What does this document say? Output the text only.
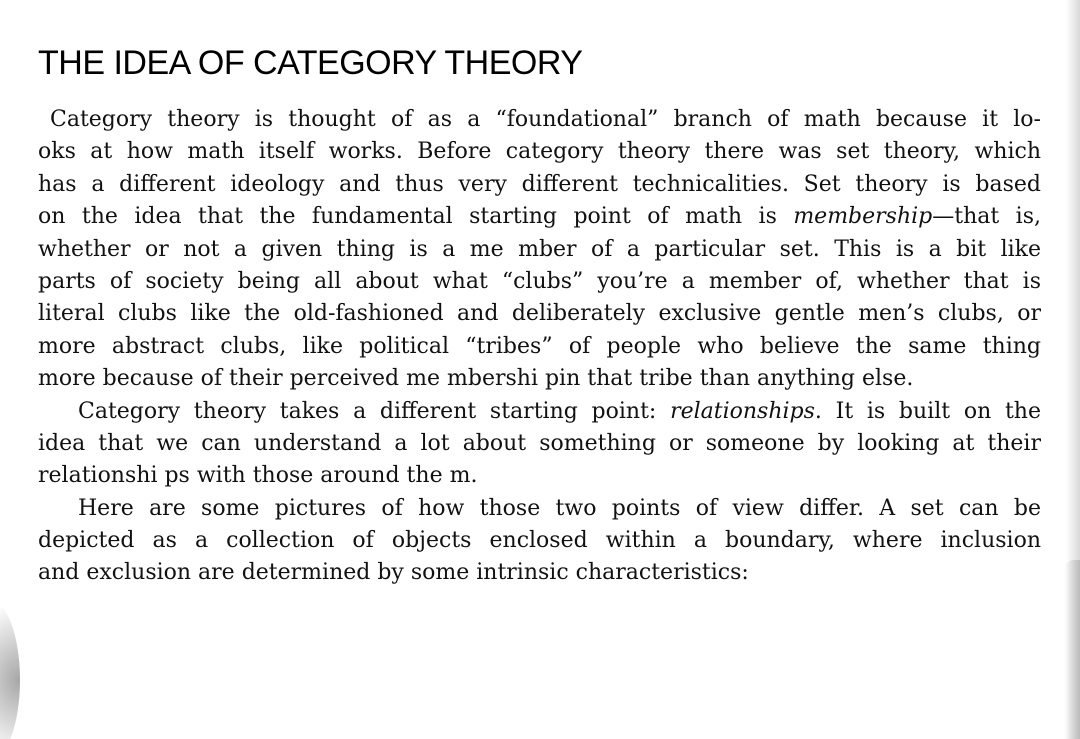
THE IDEA OF CATEGORY THEORY
Category theory is thought of as a “foundational” branch of math because it lo-
oks at how math itself works. Before category theory there was set theory, which
has a different ideology and thus very different technicalities. Set theory is based
on the idea that the fundamental starting point of math is membership—that is,
whether or not a given thing is a me mber of a particular set. This is a bit like
parts of society being all about what “clubs” you’re a member of, whether that is
literal clubs like the old-fashioned and deliberately exclusive gentle men’s clubs, or
more abstract clubs, like political “tribes” of people who believe the same thing
more because of their perceived me mbershi pin that tribe than anything else.
Category theory takes a different starting point: relationships. It is built on the
idea that we can understand a lot about something or someone by looking at their
relationshi ps with those around the m.
Here are some pictures of how those two points of view differ. A set can be
depicted as a collection of objects enclosed within a boundary, where inclusion
and exclusion are determined by some intrinsic characteristics:
